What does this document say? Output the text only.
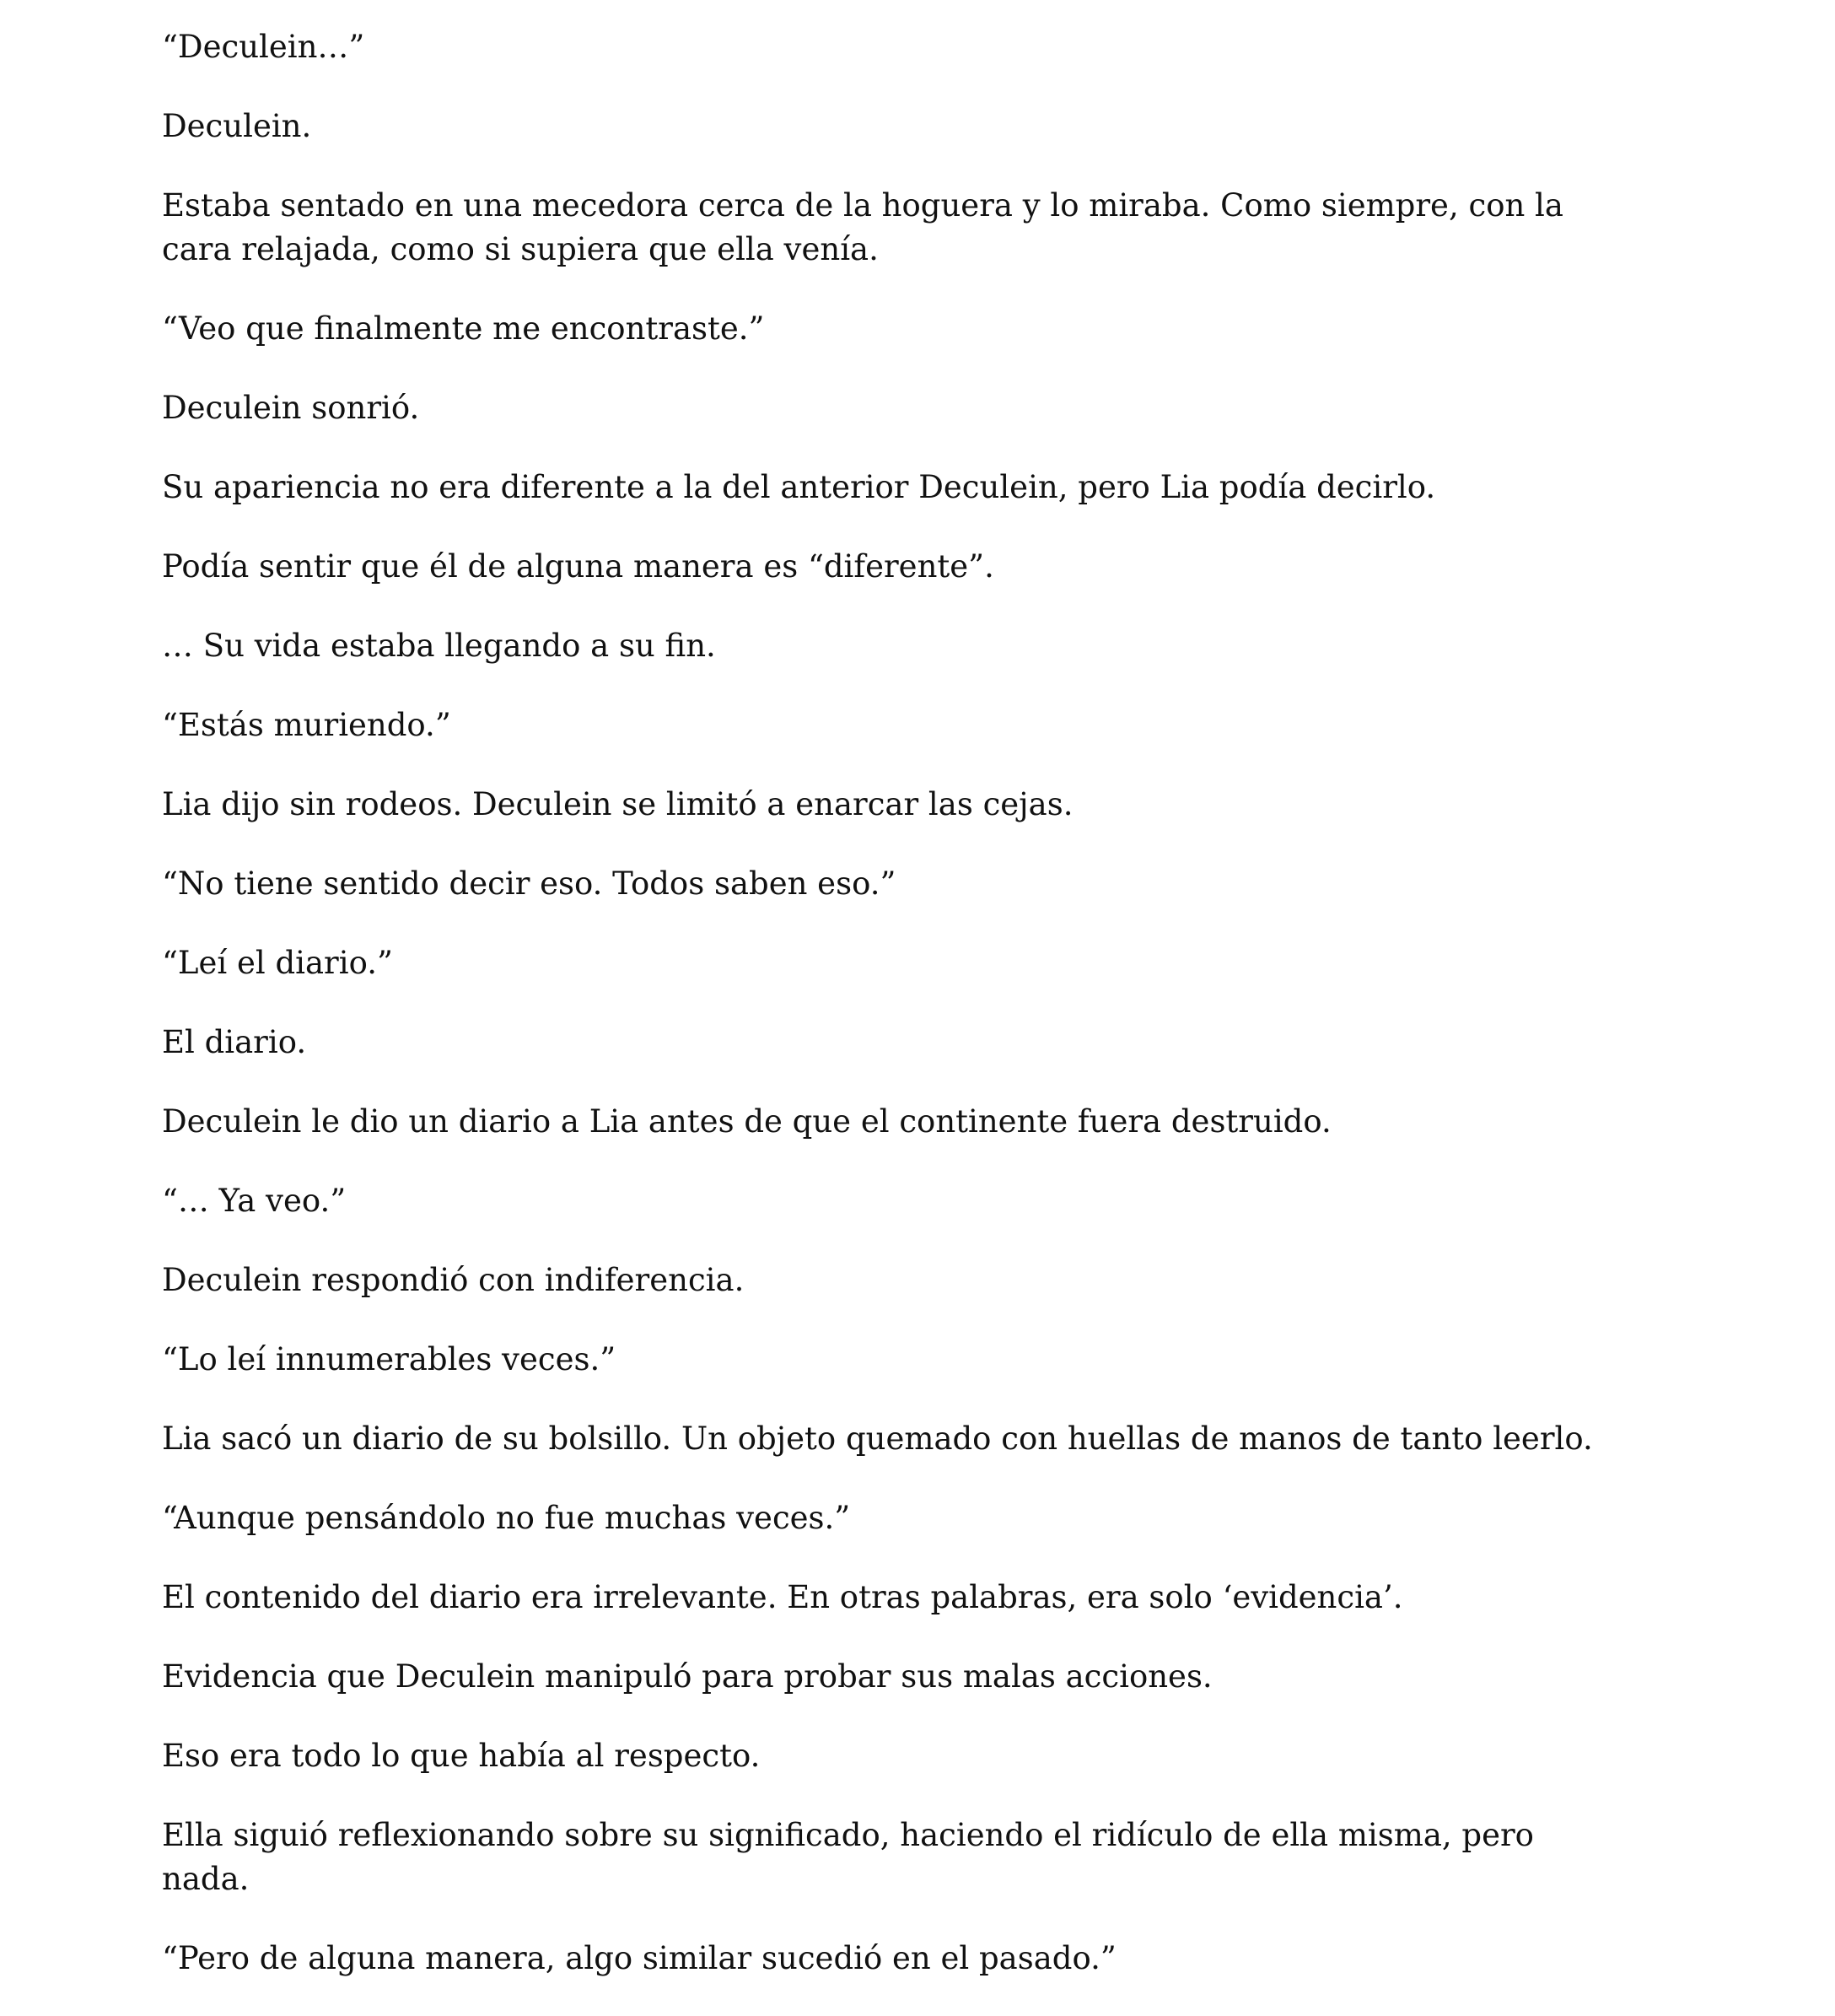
“Deculein…”

Deculein.

Estaba sentado en una mecedora cerca de la hoguera y lo miraba. Como siempre, con la cara relajada, como si supiera que ella venía.

“Veo que finalmente me encontraste.”

Deculein sonrió.

Su apariencia no era diferente a la del anterior Deculein, pero Lia podía decirlo.

Podía sentir que él de alguna manera es “diferente”.

… Su vida estaba llegando a su fin.

“Estás muriendo.”

Lia dijo sin rodeos. Deculein se limitó a enarcar las cejas.

“No tiene sentido decir eso. Todos saben eso.”

“Leí el diario.”

El diario.

Deculein le dio un diario a Lia antes de que el continente fuera destruido.

“… Ya veo.”

Deculein respondió con indiferencia.

“Lo leí innumerables veces.”

Lia sacó un diario de su bolsillo. Un objeto quemado con huellas de manos de tanto leerlo.

“Aunque pensándolo no fue muchas veces.”

El contenido del diario era irrelevante. En otras palabras, era solo ‘evidencia’.

Evidencia que Deculein manipuló para probar sus malas acciones.

Eso era todo lo que había al respecto.

Ella siguió reflexionando sobre su significado, haciendo el ridículo de ella misma, pero nada.

“Pero de alguna manera, algo similar sucedió en el pasado.”
